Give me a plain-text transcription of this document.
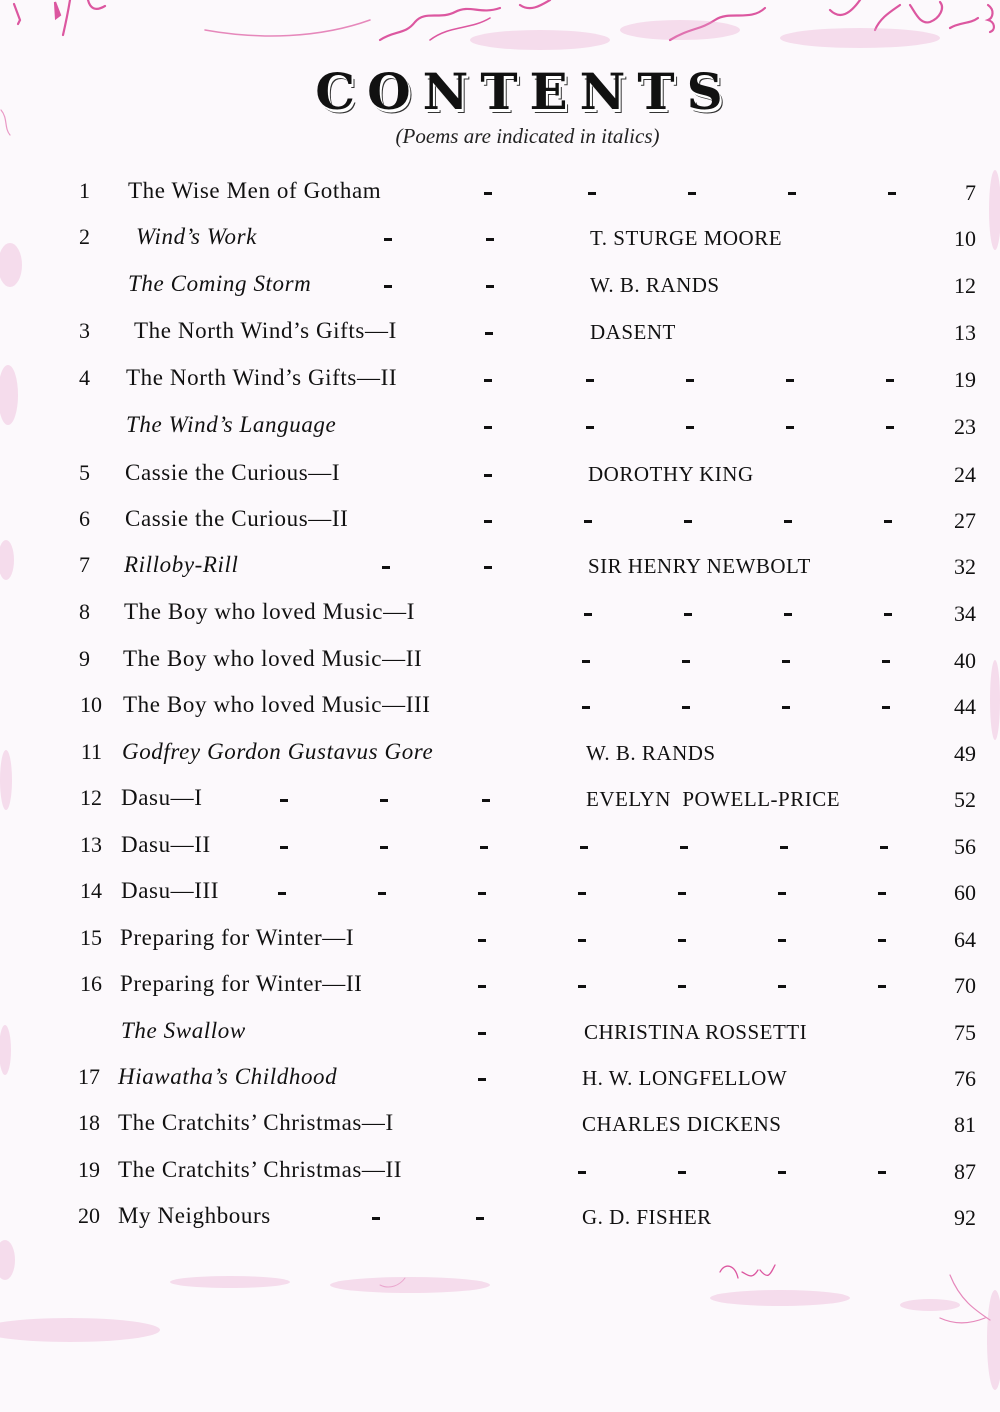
CONTENTS
(Poems are indicated in italics)
1 The Wise Men of Gotham	7
2 Wind’s Work	T. STURGE MOORE	10
The Coming Storm	W. B. RANDS	12
3 The North Wind’s Gifts—I	DASENT	13
4 The North Wind’s Gifts—II	19
The Wind’s Language	23
5 Cassie the Curious—I	DOROTHY KING	24
6 Cassie the Curious—II	27
7 Rilloby-Rill	SIR HENRY NEWBOLT	32
8 The Boy who loved Music—I	34
9 The Boy who loved Music—II	40
10 The Boy who loved Music—III	44
11 Godfrey Gordon Gustavus Gore	W. B. RANDS	49
12 Dasu—I	EVELYN  POWELL-PRICE	52
13 Dasu—II	56
14 Dasu—III	60
15 Preparing for Winter—I	64
16 Preparing for Winter—II	70
The Swallow	CHRISTINA ROSSETTI	75
17 Hiawatha’s Childhood	H. W. LONGFELLOW	76
18 The Cratchits’ Christmas—I	CHARLES DICKENS	81
19 The Cratchits’ Christmas—II	87
20 My Neighbours	G. D. FISHER	92
